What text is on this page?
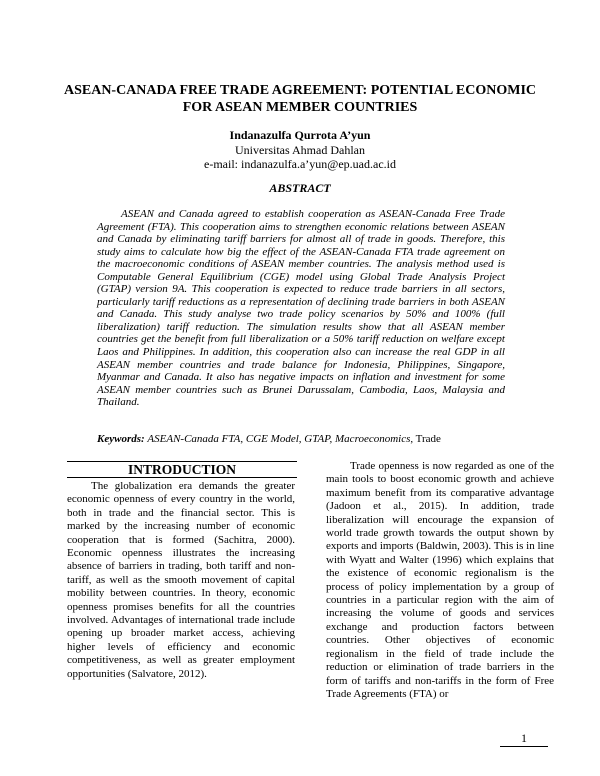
ASEAN-CANADA FREE TRADE AGREEMENT: POTENTIAL ECONOMIC
FOR ASEAN MEMBER COUNTRIES
Indanazulfa Qurrota A’yun
Universitas Ahmad Dahlan
e-mail: indanazulfa.a’yun@ep.uad.ac.id
ABSTRACT

ASEAN and Canada agreed to establish cooperation as ASEAN-Canada Free Trade Agreement (FTA). This cooperation aims to strengthen economic relations between ASEAN and Canada by eliminating tariff barriers for almost all of trade in goods. Therefore, this study aims to calculate how big the effect of the ASEAN-Canada FTA trade agreement on the macroeconomic conditions of ASEAN member countries. The analysis method used is Computable General Equilibrium (CGE) model using Global Trade Analysis Project (GTAP) version 9A. This cooperation is expected to reduce trade barriers in all sectors, particularly tariff reductions as a representation of declining trade barriers in both ASEAN and Canada. This study analyse two trade policy scenarios by 50% and 100% (full liberalization) tariff reduction. The simulation results show that all ASEAN member countries get the benefit from full liberalization or a 50% tariff reduction on welfare except Laos and Philippines. In addition, this cooperation also can increase the real GDP in all ASEAN member countries and trade balance for Indonesia, Philippines, Singapore, Myanmar and Canada. It also has negative impacts on inflation and investment for some ASEAN member countries such as Brunei Darussalam, Cambodia, Laos, Malaysia and Thailand.

Keywords: ASEAN-Canada FTA, CGE Model, GTAP, Macroeconomics, Trade
INTRODUCTION

The globalization era demands the greater economic openness of every country in the world, both in trade and the financial sector. This is marked by the increasing number of economic cooperation that is formed (Sachitra, 2000). Economic openness illustrates the increasing absence of barriers in trading, both tariff and non-tariff, as well as the smooth movement of capital mobility between countries. In theory, economic openness promises benefits for all the countries involved. Advantages of international trade include opening up broader market access, achieving higher levels of efficiency and economic competitiveness, as well as greater employment opportunities (Salvatore, 2012).

Trade openness is now regarded as one of the main tools to boost economic growth and achieve maximum benefit from its comparative advantage (Jadoon et al., 2015). In addition, trade liberalization will encourage the expansion of world trade growth towards the output shown by exports and imports (Baldwin, 2003). This is in line with Wyatt and Walter (1996) which explains that the existence of economic regionalism is the process of policy implementation by a group of countries in a particular region with the aim of increasing the volume of goods and services exchange and production factors between countries. Other objectives of economic regionalism in the field of trade include the reduction or elimination of trade barriers in the form of tariffs and non-tariffs in the form of Free Trade Agreements (FTA) or

1
